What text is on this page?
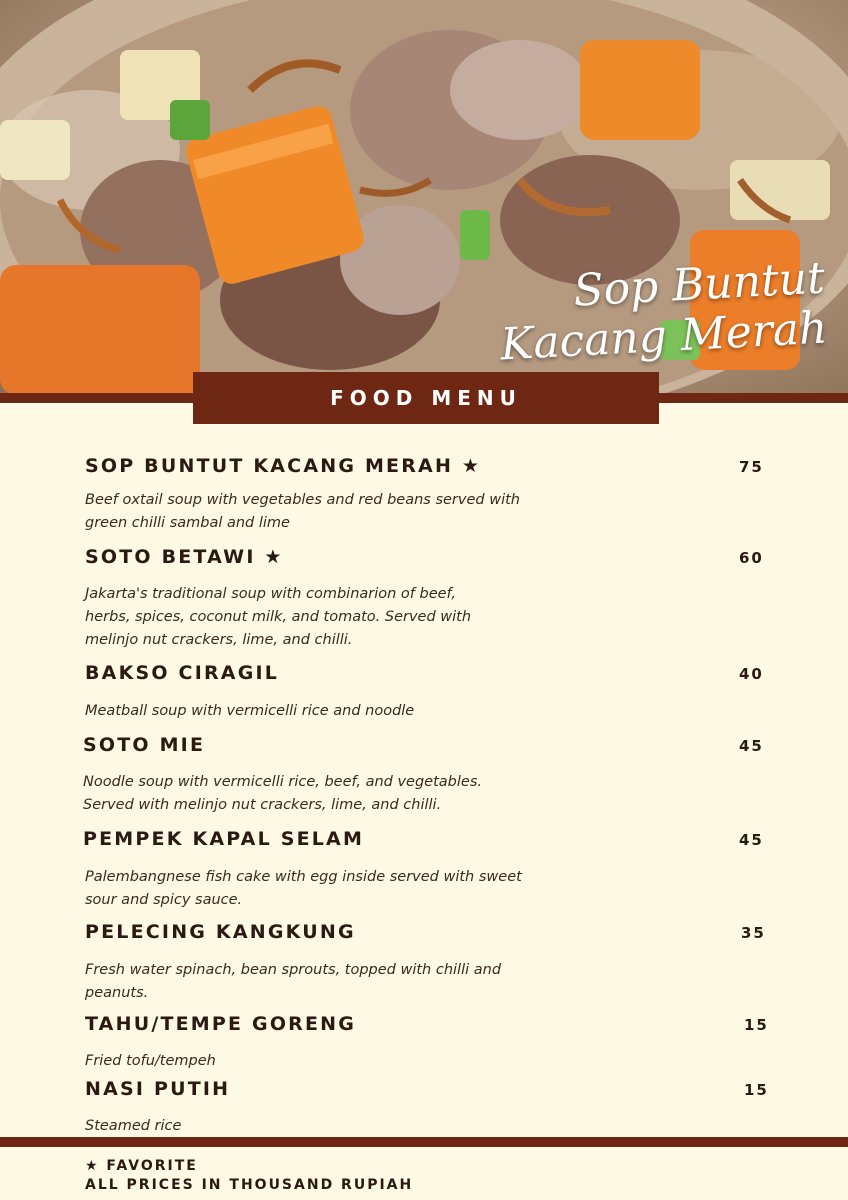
Sop Buntut
Kacang Merah
FOOD MENU
SOP BUNTUT KACANG MERAH ★	75
Beef oxtail soup with vegetables and red beans served with green chilli sambal and lime
SOTO BETAWI ★	60
Jakarta's traditional soup with combinarion of beef, herbs, spices, coconut milk, and tomato. Served with melinjo nut crackers, lime, and chilli.
BAKSO CIRAGIL	40
Meatball soup with vermicelli rice and noodle
SOTO MIE	45
Noodle soup with vermicelli rice, beef, and vegetables. Served with melinjo nut crackers, lime, and chilli.
PEMPEK KAPAL SELAM	45
Palembangnese fish cake with egg inside served with sweet sour and spicy sauce.
PELECING KANGKUNG	35
Fresh water spinach, bean sprouts, topped with chilli and peanuts.
TAHU/TEMPE GORENG	15
Fried tofu/tempeh
NASI PUTIH	15
Steamed rice
★ FAVORITE
ALL PRICES IN THOUSAND RUPIAH
